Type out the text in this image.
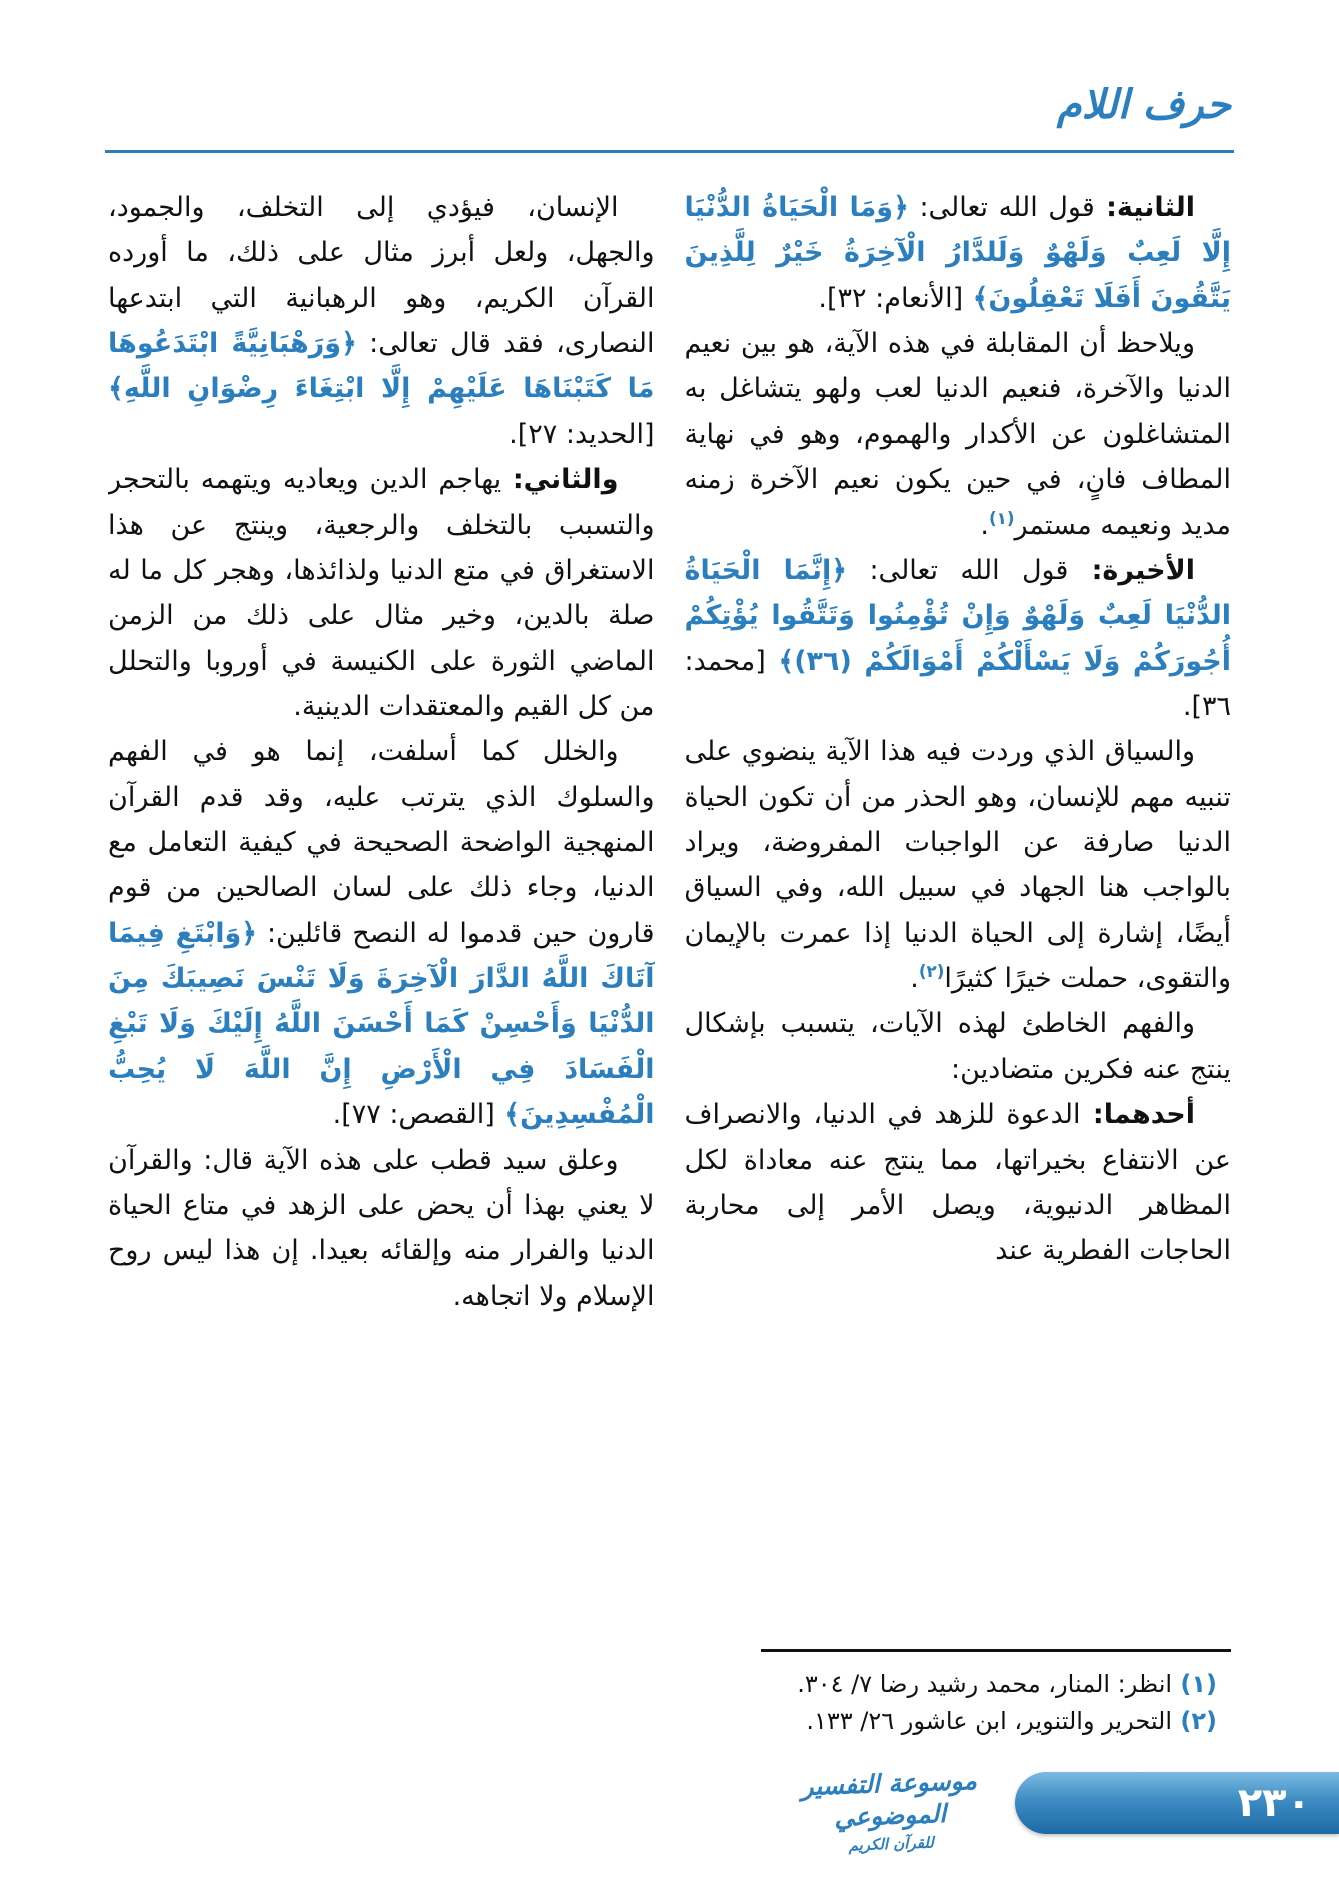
حرف اللام

الثانية: قول الله تعالى: ﴿وَمَا الْحَيَاةُ الدُّنْيَا إِلَّا لَعِبٌ وَلَهْوٌ وَلَلدَّارُ الْآخِرَةُ خَيْرٌ لِلَّذِينَ يَتَّقُونَ أَفَلَا تَعْقِلُونَ﴾ [الأنعام: ٣٢].

ويلاحظ أن المقابلة في هذه الآية، هو بين نعيم الدنيا والآخرة، فنعيم الدنيا لعب ولهو يتشاغل به المتشاغلون عن الأكدار والهموم، وهو في نهاية المطاف فانٍ، في حين يكون نعيم الآخرة زمنه مديد ونعيمه مستمر$^{(١)}$.

الأخيرة: قول الله تعالى: ﴿إِنَّمَا الْحَيَاةُ الدُّنْيَا لَعِبٌ وَلَهْوٌ وَإِنْ تُؤْمِنُوا وَتَتَّقُوا يُؤْتِكُمْ أُجُورَكُمْ وَلَا يَسْأَلْكُمْ أَمْوَالَكُمْ (٣٦)﴾ [محمد: ٣٦].

والسياق الذي وردت فيه هذا الآية ينضوي على تنبيه مهم للإنسان، وهو الحذر من أن تكون الحياة الدنيا صارفة عن الواجبات المفروضة، ويراد بالواجب هنا الجهاد في سبيل الله، وفي السياق أيضًا، إشارة إلى الحياة الدنيا إذا عمرت بالإيمان والتقوى، حملت خيرًا كثيرًا$^{(٢)}$.

والفهم الخاطئ لهذه الآيات، يتسبب بإشكال ينتج عنه فكرين متضادين:

أحدهما: الدعوة للزهد في الدنيا، والانصراف عن الانتفاع بخيراتها، مما ينتج عنه معاداة لكل المظاهر الدنيوية، ويصل الأمر إلى محاربة الحاجات الفطرية عند

(١) انظر: المنار، محمد رشيد رضا ٧/ ٣٠٤.
(٢) التحرير والتنوير، ابن عاشور ٢٦/ ١٣٣.

الإنسان، فيؤدي إلى التخلف، والجمود، والجهل، ولعل أبرز مثال على ذلك، ما أورده القرآن الكريم، وهو الرهبانية التي ابتدعها النصارى، فقد قال تعالى: ﴿وَرَهْبَانِيَّةً ابْتَدَعُوهَا مَا كَتَبْنَاهَا عَلَيْهِمْ إِلَّا ابْتِغَاءَ رِضْوَانِ اللَّهِ﴾ [الحديد: ٢٧].

والثاني: يهاجم الدين ويعاديه ويتهمه بالتحجر والتسبب بالتخلف والرجعية، وينتج عن هذا الاستغراق في متع الدنيا ولذائذها، وهجر كل ما له صلة بالدين، وخير مثال على ذلك من الزمن الماضي الثورة على الكنيسة في أوروبا والتحلل من كل القيم والمعتقدات الدينية.

والخلل كما أسلفت، إنما هو في الفهم والسلوك الذي يترتب عليه، وقد قدم القرآن المنهجية الواضحة الصحيحة في كيفية التعامل مع الدنيا، وجاء ذلك على لسان الصالحين من قوم قارون حين قدموا له النصح قائلين: ﴿وَابْتَغِ فِيمَا آتَاكَ اللَّهُ الدَّارَ الْآخِرَةَ وَلَا تَنْسَ نَصِيبَكَ مِنَ الدُّنْيَا وَأَحْسِنْ كَمَا أَحْسَنَ اللَّهُ إِلَيْكَ وَلَا تَبْغِ الْفَسَادَ فِي الْأَرْضِ إِنَّ اللَّهَ لَا يُحِبُّ الْمُفْسِدِينَ﴾ [القصص: ٧٧].

وعلق سيد قطب على هذه الآية قال: والقرآن لا يعني بهذا أن يحض على الزهد في متاع الحياة الدنيا والفرار منه وإلقائه بعيدا. إن هذا ليس روح الإسلام ولا اتجاهه.

موسوعة التفسير الموضوعي
للقرآن الكريم
٢٣٠
